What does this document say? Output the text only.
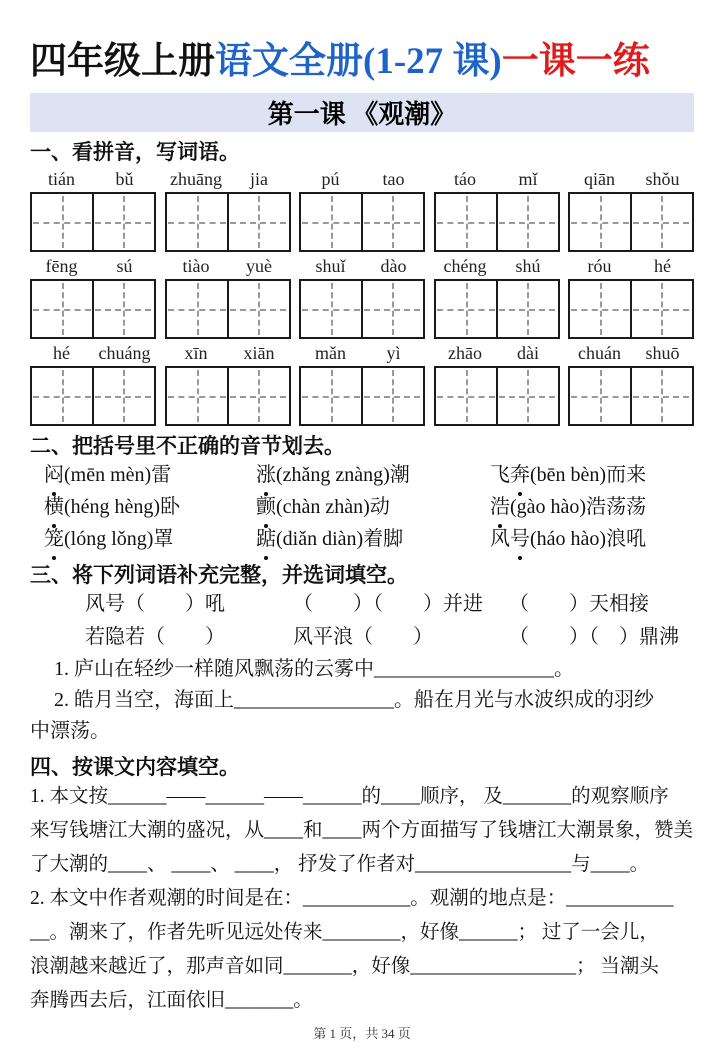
四年级上册语文全册(1-27 课)一课一练
第一课 《观潮》
一、看拼音，写词语。
tián	bǔ	zhuāng	jia	pú	tao	táo	mǐ	qiān	shǒu
fēng	sú	tiào	yuè	shuǐ	dào	chéng	shú	róu	hé
hé	chuáng	xīn	xiān	mǎn	yì	zhāo	dài	chuán	shuō
二、把括号里不正确的音节划去。
闷(mēn mèn)雷	涨(zhǎng znàng)潮	飞奔(bēn bèn)而来
横(héng hèng)卧	颤(chàn zhàn)动	浩(gào hào)浩荡荡
笼(lóng lǒng)罩	踮(diǎn diàn)着脚	风号(háo hào)浪吼
三、将下列词语补充完整，并选词填空。
风号（　　）吼	（　　）（　　）并进	（　　）天相接
若隐若（　　）	风平浪（　　）	（　　）（　）鼎沸
1. 庐山在轻纱一样随风飘荡的云雾中__________________。
2. 皓月当空，海面上________________。船在月光与水波织成的羽纱
中漂荡。
四、按课文内容填空。
1. 本文按______——______——______的____顺序， 及_______的观察顺序
来写钱塘江大潮的盛况，从____和____两个方面描写了钱塘江大潮景象，赞美
了大潮的____、 ____、 ____， 抒发了作者对________________与____。
2. 本文中作者观潮的时间是在：___________。观潮的地点是：___________
__。潮来了，作者先听见远处传来________，好像______； 过了一会儿，
浪潮越来越近了，那声音如同_______，好像_________________； 当潮头
奔腾西去后，江面依旧_______。
第 1 页，共 34 页
